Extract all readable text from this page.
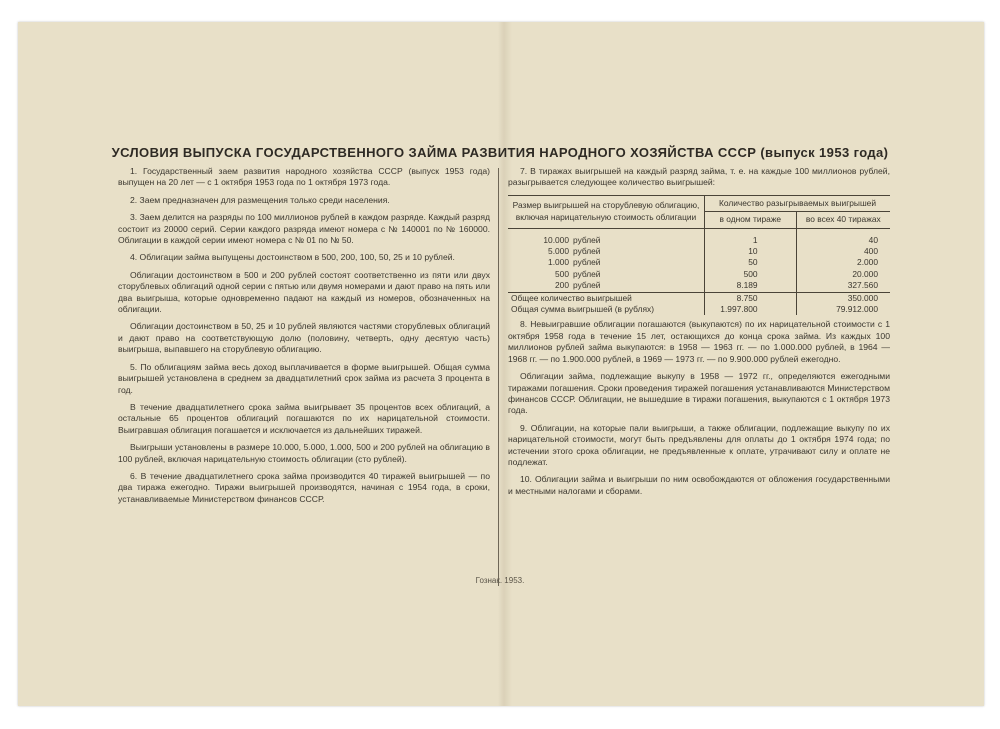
УСЛОВИЯ ВЫПУСКА ГОСУДАРСТВЕННОГО ЗАЙМА РАЗВИТИЯ НАРОДНОГО ХОЗЯЙСТВА СССР (выпуск 1953 года)

1. Государственный заем развития народного хозяйства СССР (выпуск 1953 года) выпущен на 20 лет — с 1 октября 1953 года по 1 октября 1973 года.

2. Заем предназначен для размещения только среди населения.

3. Заем делится на разряды по 100 миллионов рублей в каждом разряде. Каждый разряд состоит из 20000 серий. Серии каждого разряда имеют номера с № 140001 по № 160000. Облигации в каждой серии имеют номера с № 01 по № 50.

4. Облигации займа выпущены достоинством в 500, 200, 100, 50, 25 и 10 рублей.

Облигации достоинством в 500 и 200 рублей состоят соответственно из пяти или двух сторублевых облигаций одной серии с пятью или двумя номерами и дают право на пять или два выигрыша, которые одновременно падают на каждый из номеров, обозначенных на облигации.

Облигации достоинством в 50, 25 и 10 рублей являются частями сторублевых облигаций и дают право на соответствующую долю (половину, четверть, одну десятую часть) выигрыша, выпавшего на сторублевую облигацию.

5. По облигациям займа весь доход выплачивается в форме выигрышей. Общая сумма выигрышей установлена в среднем за двадцатилетний срок займа из расчета 3 процента в год.

В течение двадцатилетнего срока займа выигрывает 35 процентов всех облигаций, а остальные 65 процентов облигаций погашаются по их нарицательной стоимости. Выигравшая облигация погашается и исключается из дальнейших тиражей.

Выигрыши установлены в размере 10.000, 5.000, 1.000, 500 и 200 рублей на облигацию в 100 рублей, включая нарицательную стоимость облигации (сто рублей).

6. В течение двадцатилетнего срока займа производится 40 тиражей выигрышей — по два тиража ежегодно. Тиражи выигрышей производятся, начиная с 1954 года, в сроки, устанавливаемые Министерством финансов СССР.

7. В тиражах выигрышей на каждый разряд займа, т. е. на каждые 100 миллионов рублей, разыгрывается следующее количество выигрышей:

Размер выигрышей на сторублевую облигацию, включая нарицательную стоимость облигации	Количество разыгрываемых выигрышей	
	в одном тираже	во всех 40 тиражах

10.000 рублей	1	40
5.000 рублей	10	400
1.000 рублей	50	2.000
500 рублей	500	20.000
200 рублей	8.189	327.560
Общее количество выигрышей	8.750	350.000
Общая сумма выигрышей (в рублях)	1.997.800	79.912.000

8. Невыигравшие облигации погашаются (выкупаются) по их нарицательной стоимости с 1 октября 1958 года в течение 15 лет, остающихся до конца срока займа. Из каждых 100 миллионов рублей займа выкупаются: в 1958 — 1963 гг. — по 1.000.000 рублей, в 1964 — 1968 гг. — по 1.900.000 рублей, в 1969 — 1973 гг. — по 9.900.000 рублей ежегодно.

Облигации займа, подлежащие выкупу в 1958 — 1972 гг., определяются ежегодными тиражами погашения. Сроки проведения тиражей погашения устанавливаются Министерством финансов СССР. Облигации, не вышедшие в тиражи погашения, выкупаются с 1 октября 1973 года.

9. Облигации, на которые пали выигрыши, а также облигации, подлежащие выкупу по их нарицательной стоимости, могут быть предъявлены для оплаты до 1 октября 1974 года; по истечении этого срока облигации, не предъявленные к оплате, утрачивают силу и оплате не подлежат.

10. Облигации займа и выигрыши по ним освобождаются от обложения государственными и местными налогами и сборами.

Гознак. 1953.
